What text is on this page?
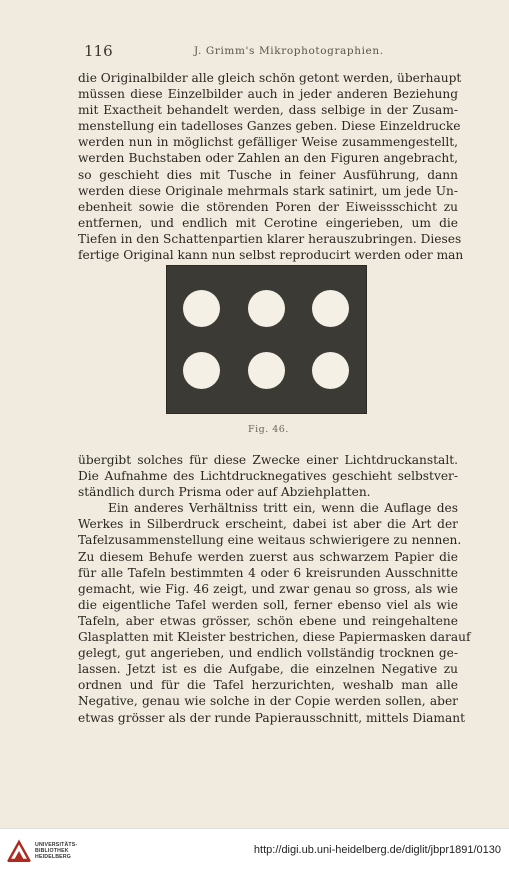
116	J. Grimm's Mikrophotographien.
die Originalbilder alle gleich schön getont werden, überhaupt
müssen diese Einzelbilder auch in jeder anderen Beziehung
mit Exactheit behandelt werden, dass selbige in der Zusam-
menstellung ein tadelloses Ganzes geben. Diese Einzeldrucke
werden nun in möglichst gefälliger Weise zusammengestellt,
werden Buchstaben oder Zahlen an den Figuren angebracht,
so geschieht dies mit Tusche in feiner Ausführung, dann
werden diese Originale mehrmals stark satinirt, um jede Un-
ebenheit sowie die störenden Poren der Eiweissschicht zu
entfernen, und endlich mit Cerotine eingerieben, um die
Tiefen in den Schattenpartien klarer herauszubringen. Dieses
fertige Original kann nun selbst reproducirt werden oder man
Fig. 46.
übergibt solches für diese Zwecke einer Lichtdruckanstalt.
Die Aufnahme des Lichtdrucknegatives geschieht selbstver-
ständlich durch Prisma oder auf Abziehplatten.
Ein anderes Verhältniss tritt ein, wenn die Auflage des
Werkes in Silberdruck erscheint, dabei ist aber die Art der
Tafelzusammenstellung eine weitaus schwierigere zu nennen.
Zu diesem Behufe werden zuerst aus schwarzem Papier die
für alle Tafeln bestimmten 4 oder 6 kreisrunden Ausschnitte
gemacht, wie Fig. 46 zeigt, und zwar genau so gross, als wie
die eigentliche Tafel werden soll, ferner ebenso viel als wie
Tafeln, aber etwas grösser, schön ebene und reingehaltene
Glasplatten mit Kleister bestrichen, diese Papiermasken darauf
gelegt, gut angerieben, und endlich vollständig trocknen ge-
lassen. Jetzt ist es die Aufgabe, die einzelnen Negative zu
ordnen und für die Tafel herzurichten, weshalb man alle
Negative, genau wie solche in der Copie werden sollen, aber
etwas grösser als der runde Papierausschnitt, mittels Diamant
UNIVERSITÄTS-
BIBLIOTHEK
HEIDELBERG
http://digi.ub.uni-heidelberg.de/diglit/jbpr1891/0130
